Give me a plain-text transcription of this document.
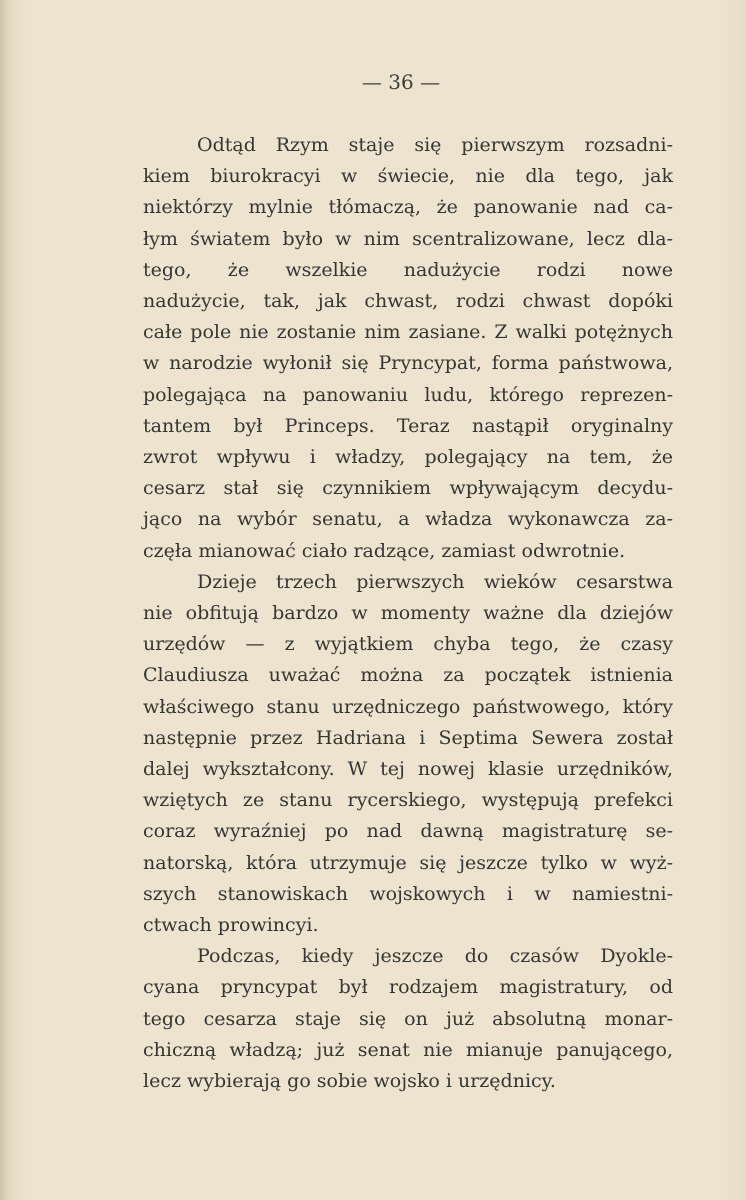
— 36 —
Odtąd Rzym staje się pierwszym rozsadni-
kiem biurokracyi w świecie, nie dla tego, jak
niektórzy mylnie tłómaczą, że panowanie nad ca-
łym światem było w nim scentralizowane, lecz dla-
tego, że wszelkie nadużycie rodzi nowe
nadużycie, tak, jak chwast, rodzi chwast dopóki
całe pole nie zostanie nim zasiane. Z walki potężnych
w narodzie wyłonił się Pryncypat, forma państwowa,
polegająca na panowaniu ludu, którego reprezen-
tantem był Princeps. Teraz nastąpił oryginalny
zwrot wpływu i władzy, polegający na tem, że
cesarz stał się czynnikiem wpływającym decydu-
jąco na wybór senatu, a władza wykonawcza za-
częła mianować ciało radzące, zamiast odwrotnie.
Dzieje trzech pierwszych wieków cesarstwa
nie obfitują bardzo w momenty ważne dla dziejów
urzędów — z wyjątkiem chyba tego, że czasy
Claudiusza uważać można za początek istnienia
właściwego stanu urzędniczego państwowego, który
następnie przez Hadriana i Septima Sewera został
dalej wykształcony. W tej nowej klasie urzędników,
wziętych ze stanu rycerskiego, występują prefekci
coraz wyraźniej po nad dawną magistraturę se-
natorską, która utrzymuje się jeszcze tylko w wyż-
szych stanowiskach wojskowych i w namiestni-
ctwach prowincyi.
Podczas, kiedy jeszcze do czasów Dyokle-
cyana pryncypat był rodzajem magistratury, od
tego cesarza staje się on już absolutną monar-
chiczną władzą; już senat nie mianuje panującego,
lecz wybierają go sobie wojsko i urzędnicy.
